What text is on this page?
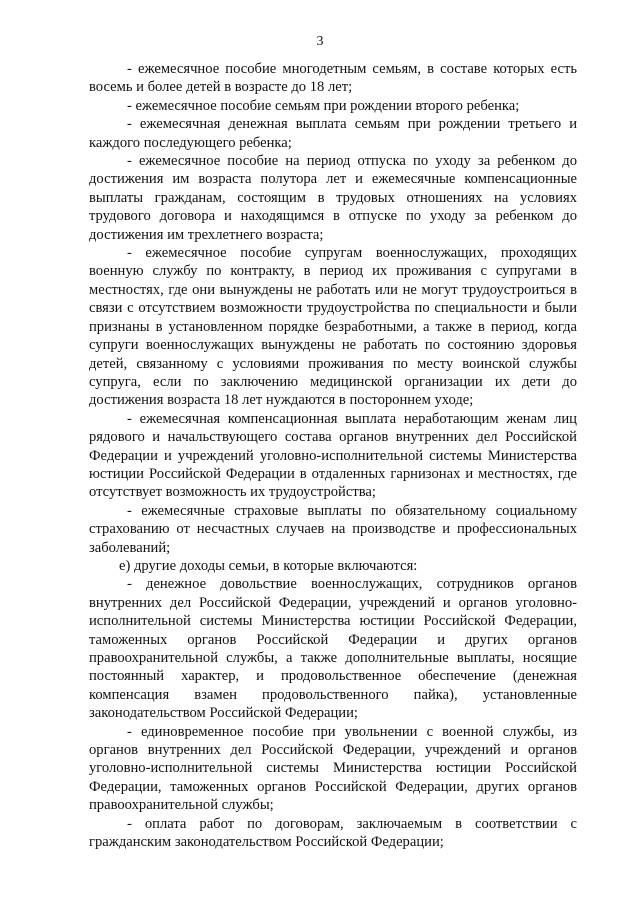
3

- ежемесячное пособие многодетным семьям, в составе которых есть восемь и более детей в возрасте до 18 лет;

- ежемесячное пособие семьям при рождении второго ребенка;

- ежемесячная денежная выплата семьям при рождении третьего и каждого последующего ребенка;

- ежемесячное пособие на период отпуска по уходу за ребенком до достижения им возраста полутора лет и ежемесячные компенсационные выплаты гражданам, состоящим в трудовых отношениях на условиях трудового договора и находящимся в отпуске по уходу за ребенком до достижения им трехлетнего возраста;

- ежемесячное пособие супругам военнослужащих, проходящих военную службу по контракту, в период их проживания с супругами в местностях, где они вынуждены не работать или не могут трудоустроиться в связи с отсутствием возможности трудоустройства по специальности и были признаны в установленном порядке безработными, а также в период, когда супруги военнослужащих вынуждены не работать по состоянию здоровья детей, связанному с условиями проживания по месту воинской службы супруга, если по заключению медицинской организации их дети до достижения возраста 18 лет нуждаются в постороннем уходе;

- ежемесячная компенсационная выплата неработающим женам лиц рядового и начальствующего состава органов внутренних дел Российской Федерации и учреждений уголовно-исполнительной системы Министерства юстиции Российской Федерации в отдаленных гарнизонах и местностях, где отсутствует возможность их трудоустройства;

- ежемесячные страховые выплаты по обязательному социальному страхованию от несчастных случаев на производстве и профессиональных заболеваний;

е) другие доходы семьи, в которые включаются:

- денежное довольствие военнослужащих, сотрудников органов внутренних дел Российской Федерации, учреждений и органов уголовно-исполнительной системы Министерства юстиции Российской Федерации, таможенных органов Российской Федерации и других органов правоохранительной службы, а также дополнительные выплаты, носящие постоянный характер, и продовольственное обеспечение (денежная компенсация взамен продовольственного пайка), установленные законодательством Российской Федерации;

- единовременное пособие при увольнении с военной службы, из органов внутренних дел Российской Федерации, учреждений и органов уголовно-исполнительной системы Министерства юстиции Российской Федерации, таможенных органов Российской Федерации, других органов правоохранительной службы;

- оплата работ по договорам, заключаемым в соответствии с гражданским законодательством Российской Федерации;
